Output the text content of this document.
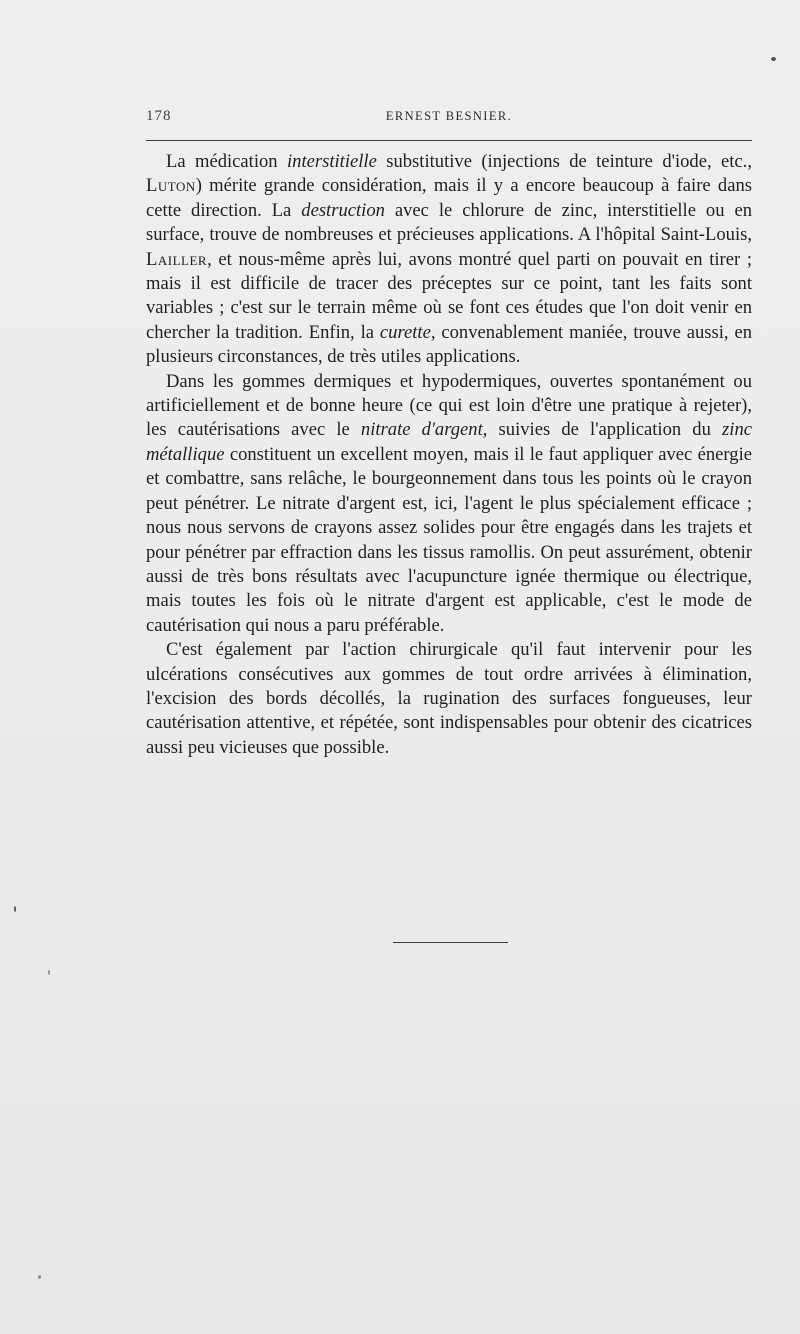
178	ERNEST BESNIER.

La médication interstitielle substitutive (injections de teinture d'iode, etc., Luton) mérite grande considération, mais il y a encore beaucoup à faire dans cette direction. La destruction avec le chlorure de zinc, interstitielle ou en surface, trouve de nombreuses et précieuses applications. A l'hôpital Saint-Louis, Lailler, et nous-même après lui, avons montré quel parti on pouvait en tirer ; mais il est difficile de tracer des préceptes sur ce point, tant les faits sont variables ; c'est sur le terrain même où se font ces études que l'on doit venir en chercher la tradition. Enfin, la curette, convenablement maniée, trouve aussi, en plusieurs circonstances, de très utiles applications.

Dans les gommes dermiques et hypodermiques, ouvertes spontanément ou artificiellement et de bonne heure (ce qui est loin d'être une pratique à rejeter), les cautérisations avec le nitrate d'argent, suivies de l'application du zinc métallique constituent un excellent moyen, mais il le faut appliquer avec énergie et combattre, sans relâche, le bourgeonnement dans tous les points où le crayon peut pénétrer. Le nitrate d'argent est, ici, l'agent le plus spécialement efficace ; nous nous servons de crayons assez solides pour être engagés dans les trajets et pour pénétrer par effraction dans les tissus ramollis. On peut assurément, obtenir aussi de très bons résultats avec l'acupuncture ignée thermique ou électrique, mais toutes les fois où le nitrate d'argent est applicable, c'est le mode de cautérisation qui nous a paru préférable.

C'est également par l'action chirurgicale qu'il faut intervenir pour les ulcérations consécutives aux gommes de tout ordre arrivées à élimination, l'excision des bords décollés, la rugination des surfaces fongueuses, leur cautérisation attentive, et répétée, sont indispensables pour obtenir des cicatrices aussi peu vicieuses que possible.
